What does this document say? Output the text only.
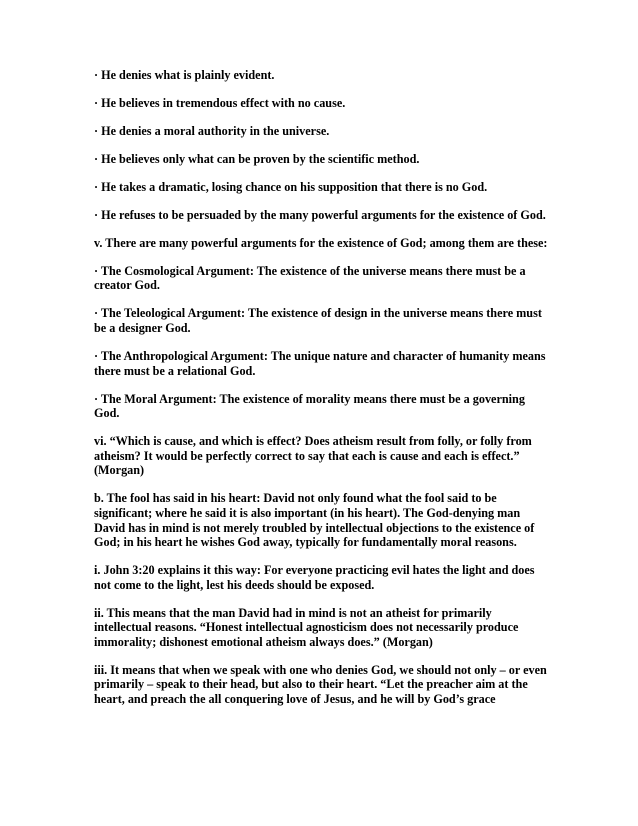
· He denies what is plainly evident.

· He believes in tremendous effect with no cause.

· He denies a moral authority in the universe.

· He believes only what can be proven by the scientific method.

· He takes a dramatic, losing chance on his supposition that there is no God.

· He refuses to be persuaded by the many powerful arguments for the existence of God.

v. There are many powerful arguments for the existence of God; among them are these:

· The Cosmological Argument: The existence of the universe means there must be a creator God.

· The Teleological Argument: The existence of design in the universe means there must be a designer God.

· The Anthropological Argument: The unique nature and character of humanity means there must be a relational God.

· The Moral Argument: The existence of morality means there must be a governing God.

vi. “Which is cause, and which is effect? Does atheism result from folly, or folly from atheism? It would be perfectly correct to say that each is cause and each is effect.” (Morgan)

b. The fool has said in his heart: David not only found what the fool said to be significant; where he said it is also important (in his heart). The God-denying man David has in mind is not merely troubled by intellectual objections to the existence of God; in his heart he wishes God away, typically for fundamentally moral reasons.

i. John 3:20 explains it this way: For everyone practicing evil hates the light and does not come to the light, lest his deeds should be exposed.

ii. This means that the man David had in mind is not an atheist for primarily intellectual reasons. “Honest intellectual agnosticism does not necessarily produce immorality; dishonest emotional atheism always does.” (Morgan)

iii. It means that when we speak with one who denies God, we should not only – or even primarily – speak to their head, but also to their heart. “Let the preacher aim at the heart, and preach the all conquering love of Jesus, and he will by God’s grace
